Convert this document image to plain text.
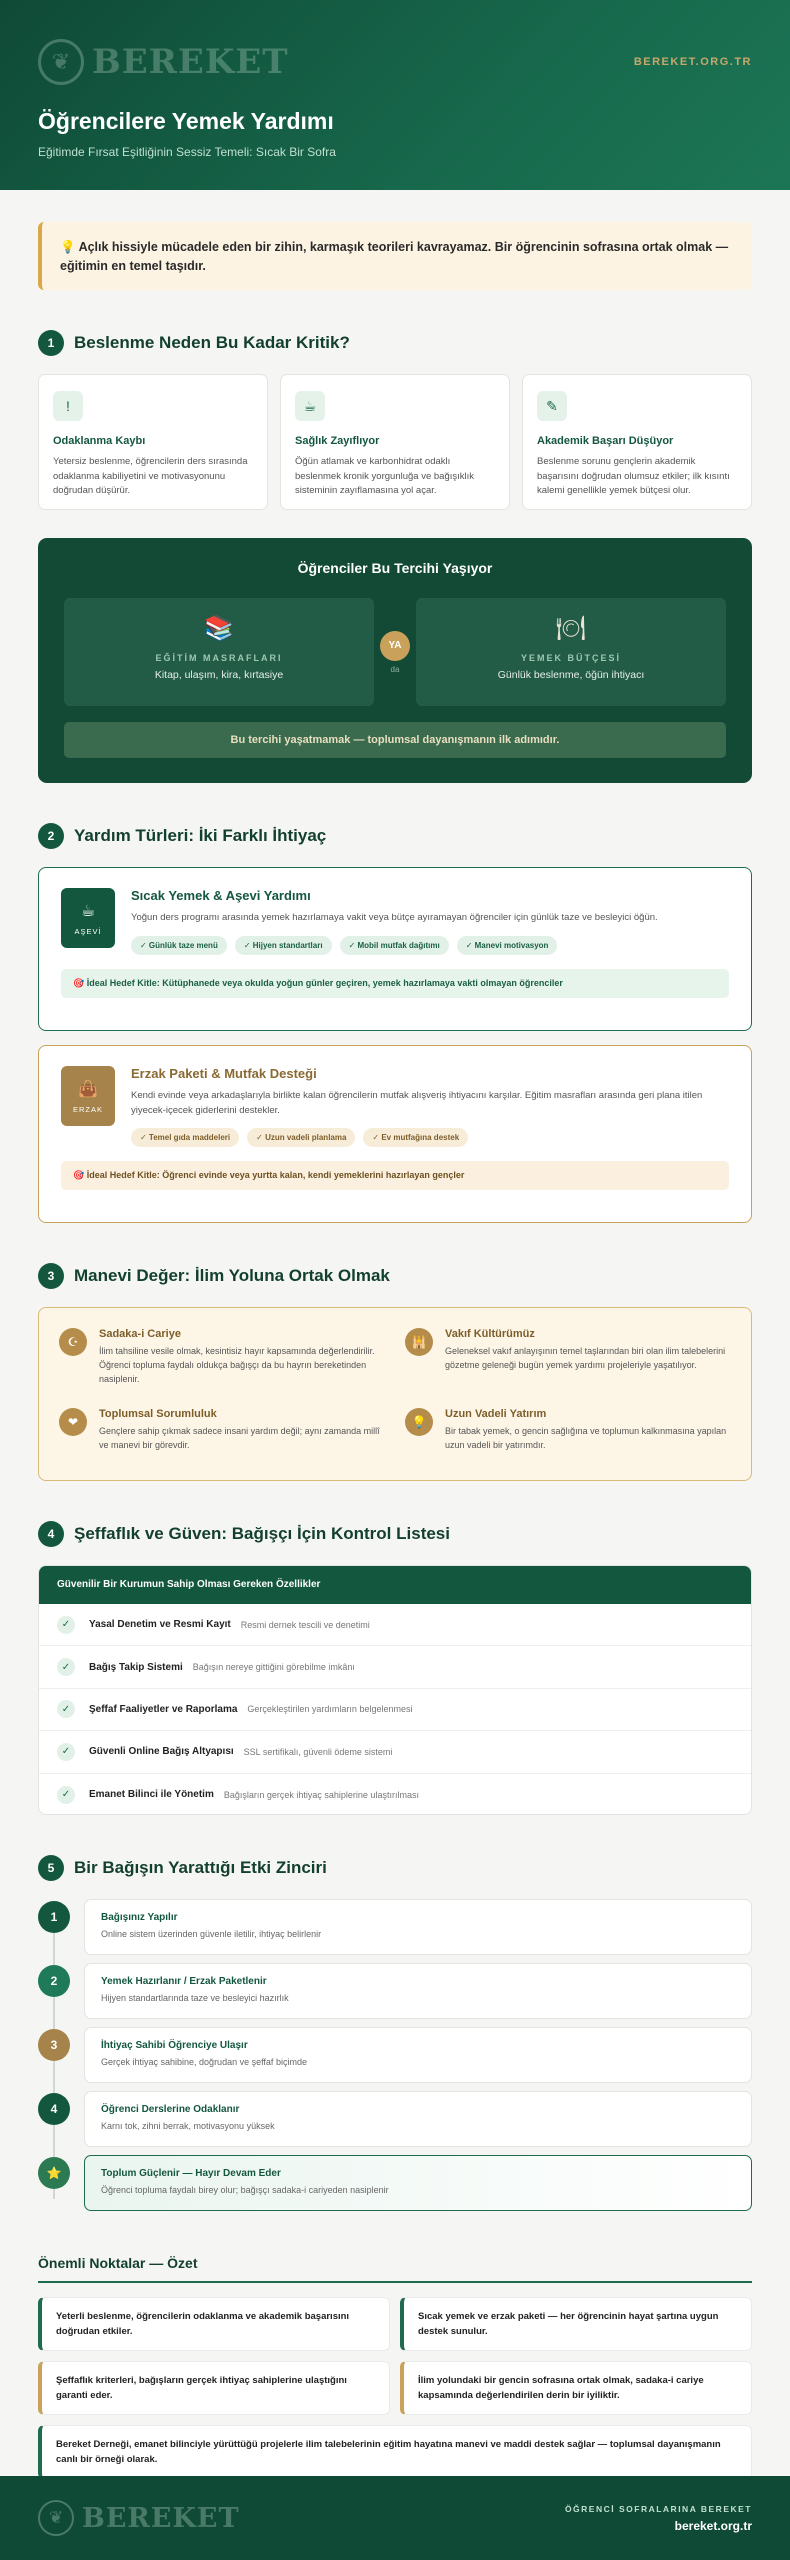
❦ BEREKET	BEREKET.ORG.TR
Öğrencilere Yemek Yardımı
Eğitimde Fırsat Eşitliğinin Sessiz Temeli: Sıcak Bir Sofra
💡 Açlık hissiyle mücadele eden bir zihin, karmaşık teorileri kavrayamaz. Bir öğrencinin sofrasına ortak olmak — eğitimin en temel taşıdır.
1	Beslenme Neden Bu Kadar Kritik?
!
Odaklanma Kaybı
Yetersiz beslenme, öğrencilerin ders sırasında odaklanma kabiliyetini ve motivasyonunu doğrudan düşürür.
☕
Sağlık Zayıflıyor
Öğün atlamak ve karbonhidrat odaklı beslenmek kronik yorgunluğa ve bağışıklık sisteminin zayıflamasına yol açar.
✎
Akademik Başarı Düşüyor
Beslenme sorunu gençlerin akademik başarısını doğrudan olumsuz etkiler; ilk kısıntı kalemi genellikle yemek bütçesi olur.
Öğrenciler Bu Tercihi Yaşıyor
📚
EĞİTİM MASRAFLARI
Kitap, ulaşım, kira, kırtasiye
YA
da
🍽
YEMEK BÜTÇESİ
Günlük beslenme, öğün ihtiyacı
Bu tercihi yaşatmamak — toplumsal dayanışmanın ilk adımıdır.
2	Yardım Türleri: İki Farklı İhtiyaç
☕
AŞEVİ
Sıcak Yemek & Aşevi Yardımı
Yoğun ders programı arasında yemek hazırlamaya vakit veya bütçe ayıramayan öğrenciler için günlük taze ve besleyici öğün.
✓ Günlük taze menü	✓ Hijyen standartları	✓ Mobil mutfak dağıtımı	✓ Manevi motivasyon
🎯 İdeal Hedef Kitle: Kütüphanede veya okulda yoğun günler geçiren, yemek hazırlamaya vakti olmayan öğrenciler
👜
ERZAK
Erzak Paketi & Mutfak Desteği
Kendi evinde veya arkadaşlarıyla birlikte kalan öğrencilerin mutfak alışveriş ihtiyacını karşılar. Eğitim masrafları arasında geri plana itilen yiyecek-içecek giderlerini destekler.
✓ Temel gıda maddeleri	✓ Uzun vadeli planlama	✓ Ev mutfağına destek
🎯 İdeal Hedef Kitle: Öğrenci evinde veya yurtta kalan, kendi yemeklerini hazırlayan gençler
3	Manevi Değer: İlim Yoluna Ortak Olmak
☪
Sadaka-i Cariye
İlim tahsiline vesile olmak, kesintisiz hayır kapsamında değerlendirilir. Öğrenci topluma faydalı oldukça bağışçı da bu hayrın bereketinden nasiplenir.
🕌
Vakıf Kültürümüz
Geleneksel vakıf anlayışının temel taşlarından biri olan ilim talebelerini gözetme geleneği bugün yemek yardımı projeleriyle yaşatılıyor.
❤
Toplumsal Sorumluluk
Gençlere sahip çıkmak sadece insani yardım değil; aynı zamanda millî ve manevi bir görevdir.
💡
Uzun Vadeli Yatırım
Bir tabak yemek, o gencin sağlığına ve toplumun kalkınmasına yapılan uzun vadeli bir yatırımdır.
4	Şeffaflık ve Güven: Bağışçı İçin Kontrol Listesi
Güvenilir Bir Kurumun Sahip Olması Gereken Özellikler
✓	Yasal Denetim ve Resmi Kayıt Resmi dernek tescili ve denetimi
✓	Bağış Takip Sistemi Bağışın nereye gittiğini görebilme imkânı
✓	Şeffaf Faaliyetler ve Raporlama Gerçekleştirilen yardımların belgelenmesi
✓	Güvenli Online Bağış Altyapısı SSL sertifikalı, güvenli ödeme sistemi
✓	Emanet Bilinci ile Yönetim Bağışların gerçek ihtiyaç sahiplerine ulaştırılması
5	Bir Bağışın Yarattığı Etki Zinciri
1	Bağışınız Yapılır
Online sistem üzerinden güvenle iletilir, ihtiyaç belirlenir
2	Yemek Hazırlanır / Erzak Paketlenir
Hijyen standartlarında taze ve besleyici hazırlık
3	İhtiyaç Sahibi Öğrenciye Ulaşır
Gerçek ihtiyaç sahibine, doğrudan ve şeffaf biçimde
4	Öğrenci Derslerine Odaklanır
Karnı tok, zihni berrak, motivasyonu yüksek
⭐	Toplum Güçlenir — Hayır Devam Eder
Öğrenci topluma faydalı birey olur; bağışçı sadaka-i cariyeden nasiplenir
Önemli Noktalar — Özet
Yeterli beslenme, öğrencilerin odaklanma ve akademik başarısını doğrudan etkiler.
Sıcak yemek ve erzak paketi — her öğrencinin hayat şartına uygun destek sunulur.
Şeffaflık kriterleri, bağışların gerçek ihtiyaç sahiplerine ulaştığını garanti eder.
İlim yolundaki bir gencin sofrasına ortak olmak, sadaka-i cariye kapsamında değerlendirilen derin bir iyiliktir.
Bereket Derneği, emanet bilinciyle yürüttüğü projelerle ilim talebelerinin eğitim hayatına manevi ve maddi destek sağlar — toplumsal dayanışmanın canlı bir örneği olarak.
❦ BEREKET	ÖĞRENCİ SOFRALARINA BEREKET
bereket.org.tr
